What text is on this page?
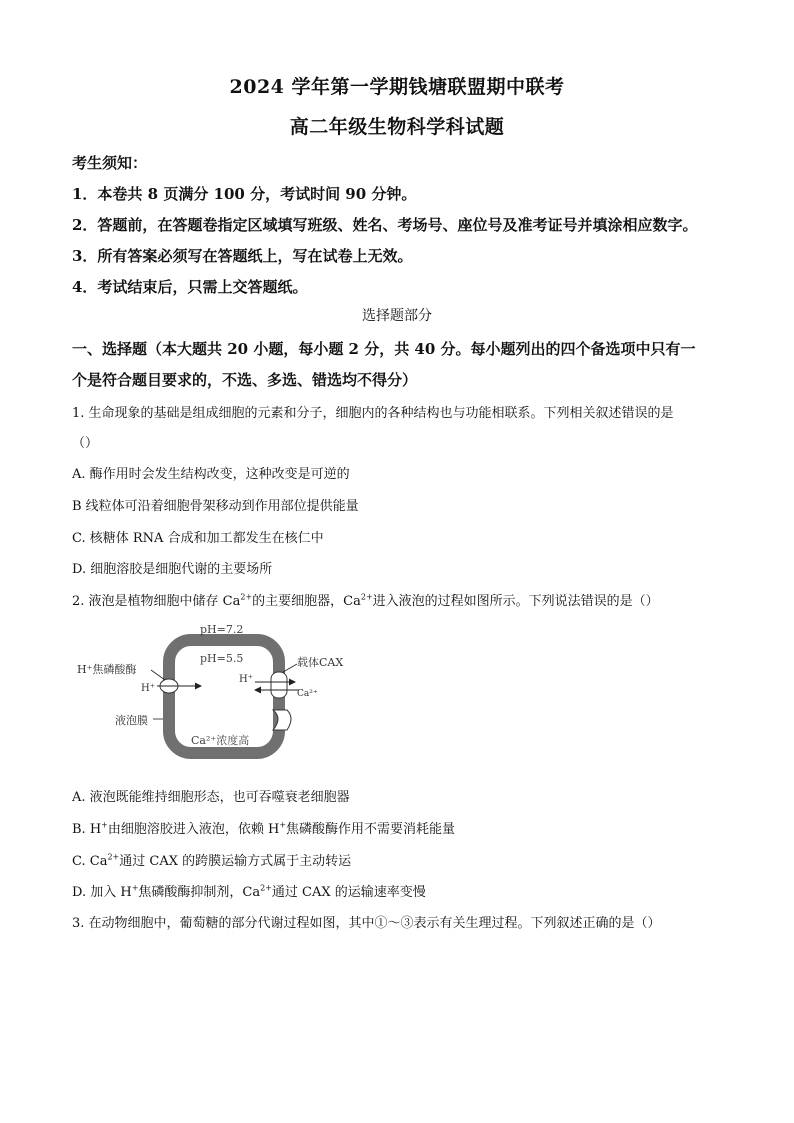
2024 学年第一学期钱塘联盟期中联考
高二年级生物科学科试题
考生须知：
1．本卷共 8 页满分 100 分，考试时间 90 分钟。
2．答题前，在答题卷指定区域填写班级、姓名、考场号、座位号及准考证号并填涂相应数字。
3．所有答案必须写在答题纸上，写在试卷上无效。
4．考试结束后，只需上交答题纸。
选择题部分
一、选择题（本大题共 20 小题，每小题 2 分，共 40 分。每小题列出的四个备选项中只有一
个是符合题目要求的，不选、多选、错选均不得分）
1. 生命现象的基础是组成细胞的元素和分子，细胞内的各种结构也与功能相联系。下列相关叙述错误的是
（）
A. 酶作用时会发生结构改变，这种改变是可逆的
B 线粒体可沿着细胞骨架移动到作用部位提供能量
C. 核糖体 RNA 合成和加工都发生在核仁中
D. 细胞溶胶是细胞代谢的主要场所
2. 液泡是植物细胞中储存 $Ca^{2+}$的主要细胞器，$Ca^{2+}$进入液泡的过程如图所示。下列说法错误的是（）
pH=7.2
pH=5.5
H⁺焦磷酸酶
H⁺
液泡膜
载体CAX
H⁺
Ca²⁺
Ca²⁺浓度高
A. 液泡既能维持细胞形态，也可吞噬衰老细胞器
B. H+由细胞溶胶进入液泡，依赖 H+焦磷酸酶作用不需要消耗能量
C. $Ca^{2+}$通过 CAX 的跨膜运输方式属于主动转运
D. 加入 H+焦磷酸酶抑制剂，$Ca^{2+}$通过 CAX 的运输速率变慢
3. 在动物细胞中，葡萄糖的部分代谢过程如图，其中①～③表示有关生理过程。下列叙述正确的是（）
